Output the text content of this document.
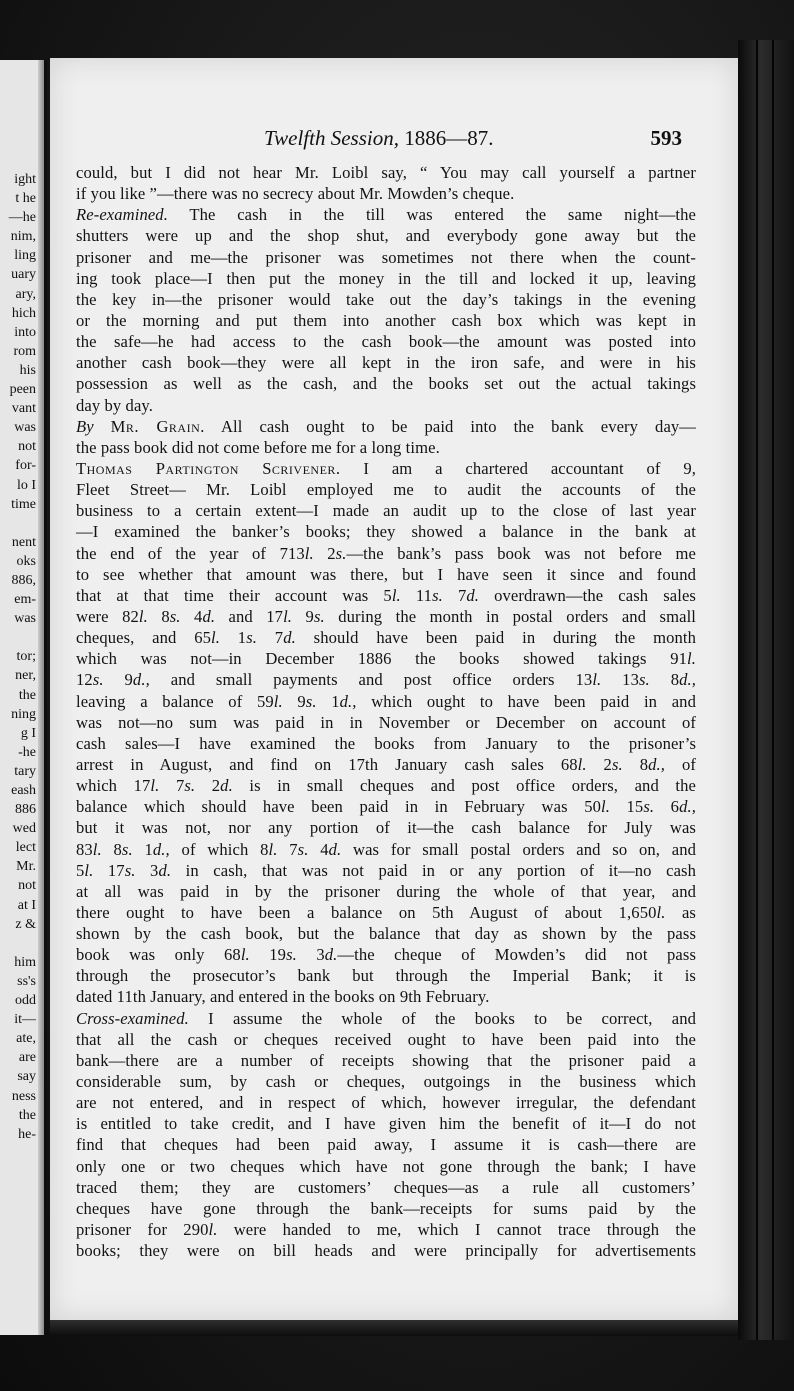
ight
t he
—he
nim,
ling
uary
ary,
hich
into
rom
his
peen
vant
was
not
for-
lo I
time
nent
oks
886,
em-
was
tor;
ner,
the
ning
g I
-he
tary
eash
886
wed
lect
Mr.
not
at I
z &
him
ss's
odd
it—
ate,
are
say
ness
the
he-
Twelfth Session, 1886—87.	593
could, but I did not hear Mr. Loibl say, “ You may call yourself a partner
if you like ”—there was no secrecy about Mr. Mowden’s cheque.
Re-examined. The cash in the till was entered the same night—the
shutters were up and the shop shut, and everybody gone away but the
prisoner and me—the prisoner was sometimes not there when the count-
ing took place—I then put the money in the till and locked it up, leaving
the key in—the prisoner would take out the day’s takings in the evening
or the morning and put them into another cash box which was kept in
the safe—he had access to the cash book—the amount was posted into
another cash book—they were all kept in the iron safe, and were in his
possession as well as the cash, and the books set out the actual takings
day by day.
By Mr. Grain. All cash ought to be paid into the bank every day—
the pass book did not come before me for a long time.
Thomas Partington Scrivener. I am a chartered accountant of 9,
Fleet Street— Mr. Loibl employed me to audit the accounts of the
business to a certain extent—I made an audit up to the close of last year
—I examined the banker’s books; they showed a balance in the bank at
the end of the year of 713l. 2s.—the bank’s pass book was not before me
to see whether that amount was there, but I have seen it since and found
that at that time their account was 5l. 11s. 7d. overdrawn—the cash sales
were 82l. 8s. 4d. and 17l. 9s. during the month in postal orders and small
cheques, and 65l. 1s. 7d. should have been paid in during the month
which was not—in December 1886 the books showed takings 91l.
12s. 9d., and small payments and post office orders 13l. 13s. 8d.,
leaving a balance of 59l. 9s. 1d., which ought to have been paid in and
was not—no sum was paid in in November or December on account of
cash sales—I have examined the books from January to the prisoner’s
arrest in August, and find on 17th January cash sales 68l. 2s. 8d., of
which 17l. 7s. 2d. is in small cheques and post office orders, and the
balance which should have been paid in in February was 50l. 15s. 6d.,
but it was not, nor any portion of it—the cash balance for July was
83l. 8s. 1d., of which 8l. 7s. 4d. was for small postal orders and so on, and
5l. 17s. 3d. in cash, that was not paid in or any portion of it—no cash
at all was paid in by the prisoner during the whole of that year, and
there ought to have been a balance on 5th August of about 1,650l. as
shown by the cash book, but the balance that day as shown by the pass
book was only 68l. 19s. 3d.—the cheque of Mowden’s did not pass
through the prosecutor’s bank but through the Imperial Bank; it is
dated 11th January, and entered in the books on 9th February.
Cross-examined. I assume the whole of the books to be correct, and
that all the cash or cheques received ought to have been paid into the
bank—there are a number of receipts showing that the prisoner paid a
considerable sum, by cash or cheques, outgoings in the business which
are not entered, and in respect of which, however irregular, the defendant
is entitled to take credit, and I have given him the benefit of it—I do not
find that cheques had been paid away, I assume it is cash—there are
only one or two cheques which have not gone through the bank; I have
traced them; they are customers’ cheques—as a rule all customers’
cheques have gone through the bank—receipts for sums paid by the
prisoner for 290l. were handed to me, which I cannot trace through the
books; they were on bill heads and were principally for advertisements
